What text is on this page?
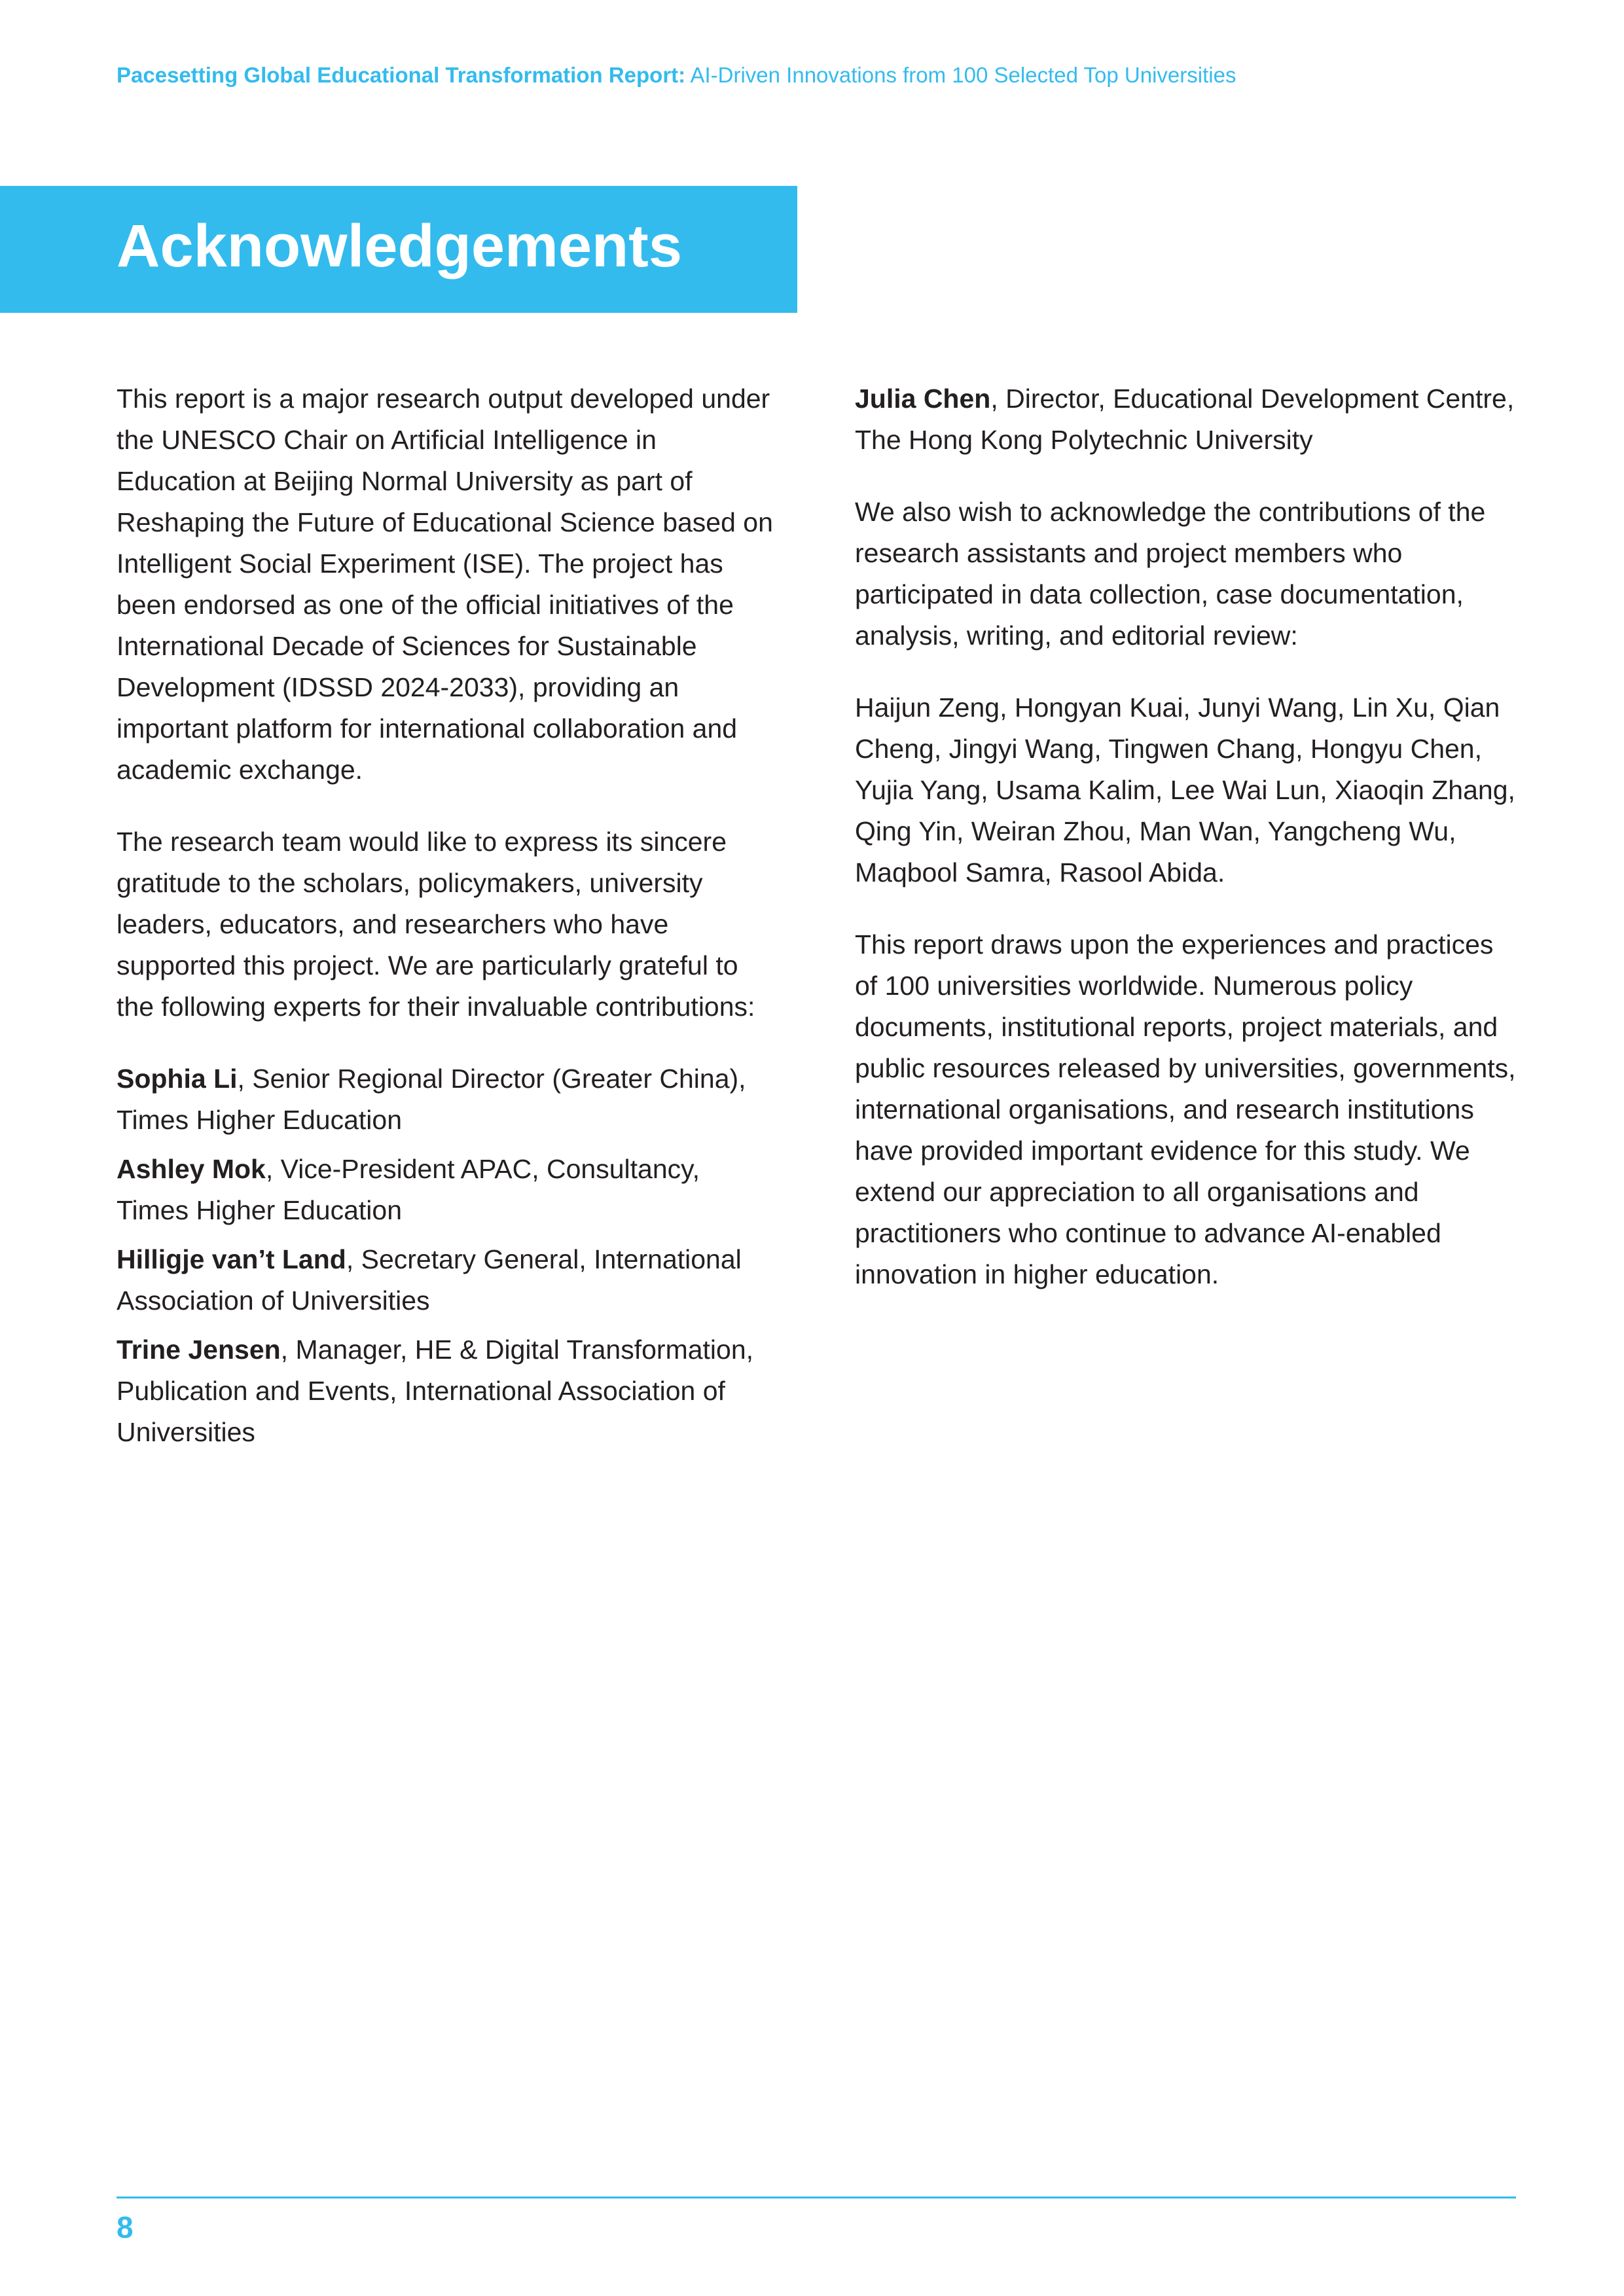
Pacesetting Global Educational Transformation Report: AI-Driven Innovations from 100 Selected Top Universities
Acknowledgements

This report is a major research output developed under the UNESCO Chair on Artificial Intelligence in Education at Beijing Normal University as part of Reshaping the Future of Educational Science based on Intelligent Social Experiment (ISE). The project has been endorsed as one of the official initiatives of the International Decade of Sciences for Sustainable Development (IDSSD 2024-2033), providing an important platform for international collaboration and academic exchange.

The research team would like to express its sincere gratitude to the scholars, policymakers, university leaders, educators, and researchers who have supported this project. We are particularly grateful to the following experts for their invaluable contributions:

Sophia Li, Senior Regional Director (Greater China), Times Higher Education

Ashley Mok, Vice-President APAC, Consultancy, Times Higher Education

Hilligje van’t Land, Secretary General, International Association of Universities

Trine Jensen, Manager, HE & Digital Transformation, Publication and Events, International Association of Universities

Julia Chen, Director, Educational Development Centre, The Hong Kong Polytechnic University

We also wish to acknowledge the contributions of the research assistants and project members who participated in data collection, case documentation, analysis, writing, and editorial review:

Haijun Zeng, Hongyan Kuai, Junyi Wang, Lin Xu, Qian Cheng, Jingyi Wang, Tingwen Chang, Hongyu Chen, Yujia Yang, Usama Kalim, Lee Wai Lun, Xiaoqin Zhang, Qing Yin, Weiran Zhou, Man Wan, Yangcheng Wu, Maqbool Samra, Rasool Abida.

This report draws upon the experiences and practices of 100 universities worldwide. Numerous policy documents, institutional reports, project materials, and public resources released by universities, governments, international organisations, and research institutions have provided important evidence for this study. We extend our appreciation to all organisations and practitioners who continue to advance AI-enabled innovation in higher education.

8
